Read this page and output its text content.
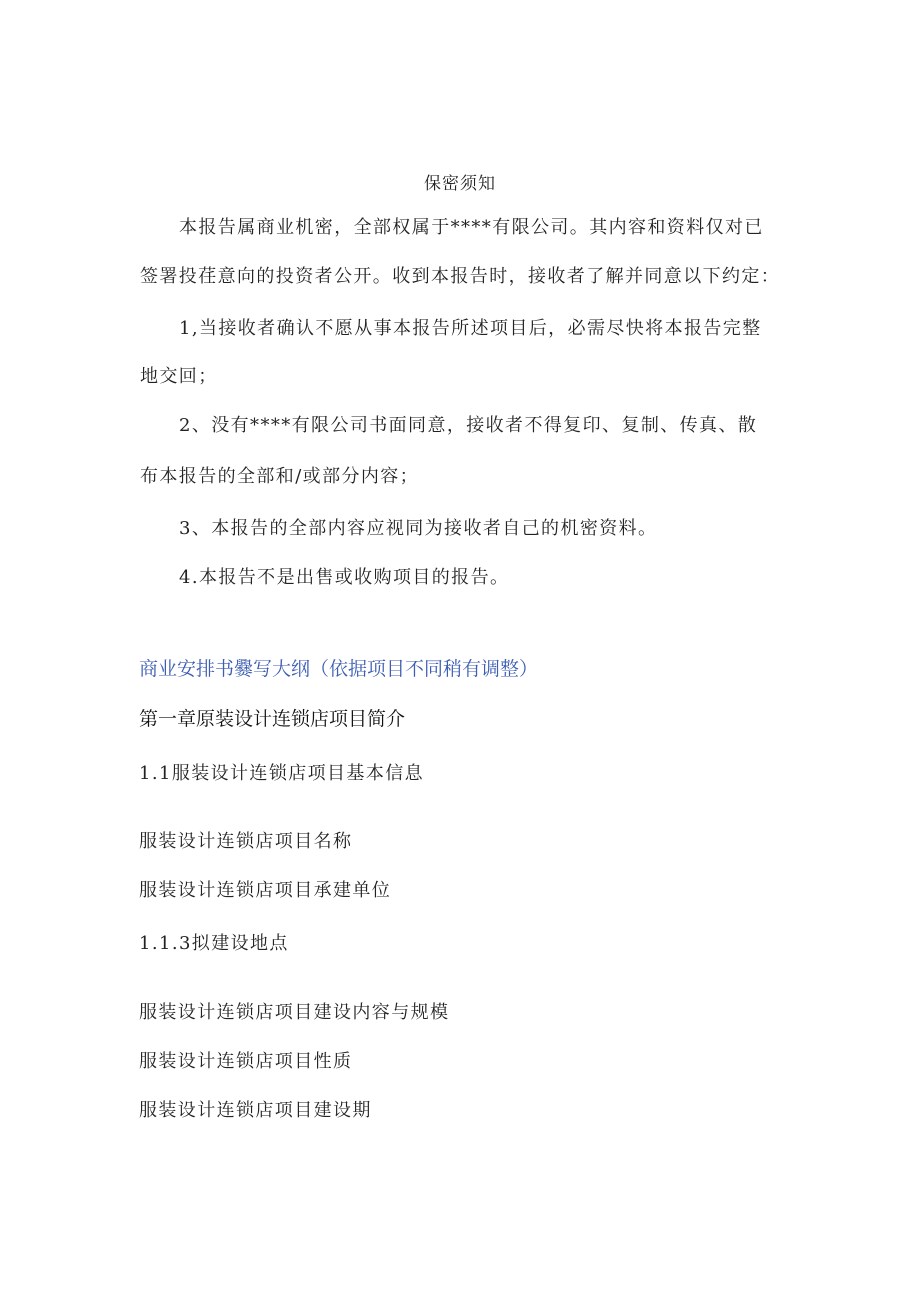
保密须知

本报告属商业机密，全部权属于****有限公司。其内容和资料仅对已

签署投荏意向的投资者公开。收到本报告时，接收者了解并同意以下约定：

1,当接收者确认不愿从事本报告所述项目后，必需尽快将本报告完整

地交回；

2、没有****有限公司书面同意，接收者不得复印、复制、传真、散

布本报告的全部和/或部分内容；

3、本报告的全部内容应视同为接收者自己的机密资料。

4.本报告不是出售或收购项目的报告。

商业安排书爨写大纲（依据项目不同稍有调整）

第一章原装设计连锁店项目简介

1.1服装设计连锁店项目基本信息

服装设计连锁店项目名称

服装设计连锁店项目承建单位

1.1.3拟建设地点

服装设计连锁店项目建设内容与规模

服装设计连锁店项目性质

服装设计连锁店项目建设期
